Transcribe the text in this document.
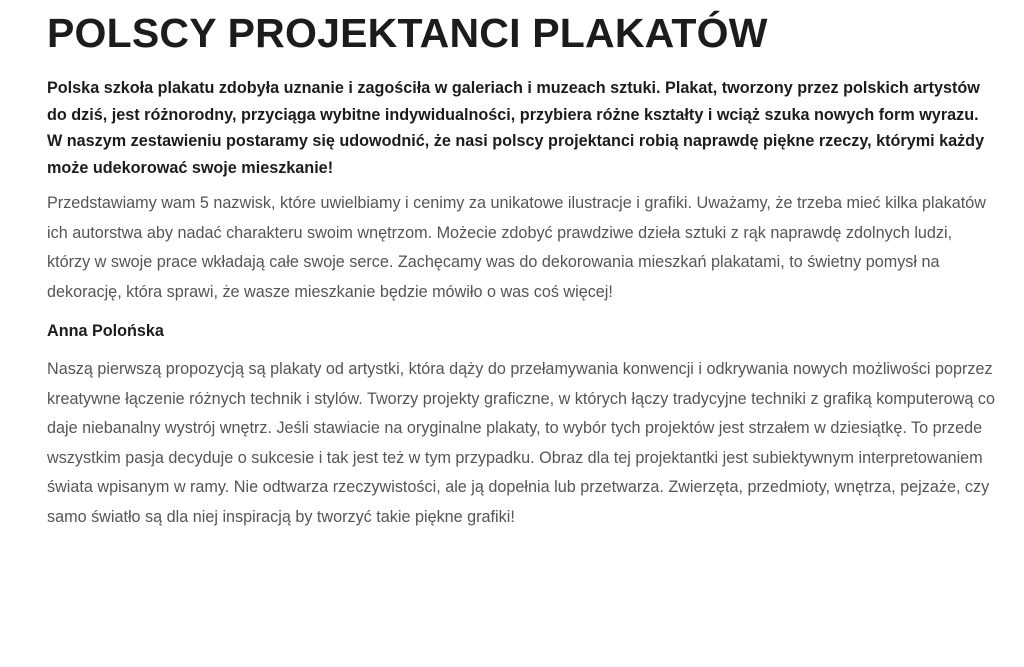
POLSCY PROJEKTANCI PLAKATÓW

Polska szkoła plakatu zdobyła uznanie i zagościła w galeriach i muzeach sztuki. Plakat, tworzony przez polskich artystów do dziś, jest różnorodny, przyciąga wybitne indywidualności, przybiera różne kształty i wciąż szuka nowych form wyrazu. W naszym zestawieniu postaramy się udowodnić, że nasi polscy projektanci robią naprawdę piękne rzeczy, którymi każdy może udekorować swoje mieszkanie!

Przedstawiamy wam 5 nazwisk, które uwielbiamy i cenimy za unikatowe ilustracje i grafiki. Uważamy, że trzeba mieć kilka plakatów ich autorstwa aby nadać charakteru swoim wnętrzom. Możecie zdobyć prawdziwe dzieła sztuki z rąk naprawdę zdolnych ludzi, którzy w swoje prace wkładają całe swoje serce. Zachęcamy was do dekorowania mieszkań plakatami, to świetny pomysł na dekorację, która sprawi, że wasze mieszkanie będzie mówiło o was coś więcej!

Anna Polońska

Naszą pierwszą propozycją są plakaty od artystki, która dąży do przełamywania konwencji i odkrywania nowych możliwości poprzez kreatywne łączenie różnych technik i stylów. Tworzy projekty graficzne, w których łączy tradycyjne techniki z grafiką komputerową co daje niebanalny wystrój wnętrz. Jeśli stawiacie na oryginalne plakaty, to wybór tych projektów jest strzałem w dziesiątkę. To przede wszystkim pasja decyduje o sukcesie i tak jest też w tym przypadku. Obraz dla tej projektantki jest subiektywnym interpretowaniem świata wpisanym w ramy. Nie odtwarza rzeczywistości, ale ją dopełnia lub przetwarza. Zwierzęta, przedmioty, wnętrza, pejzaże, czy samo światło są dla niej inspiracją by tworzyć takie piękne grafiki!
